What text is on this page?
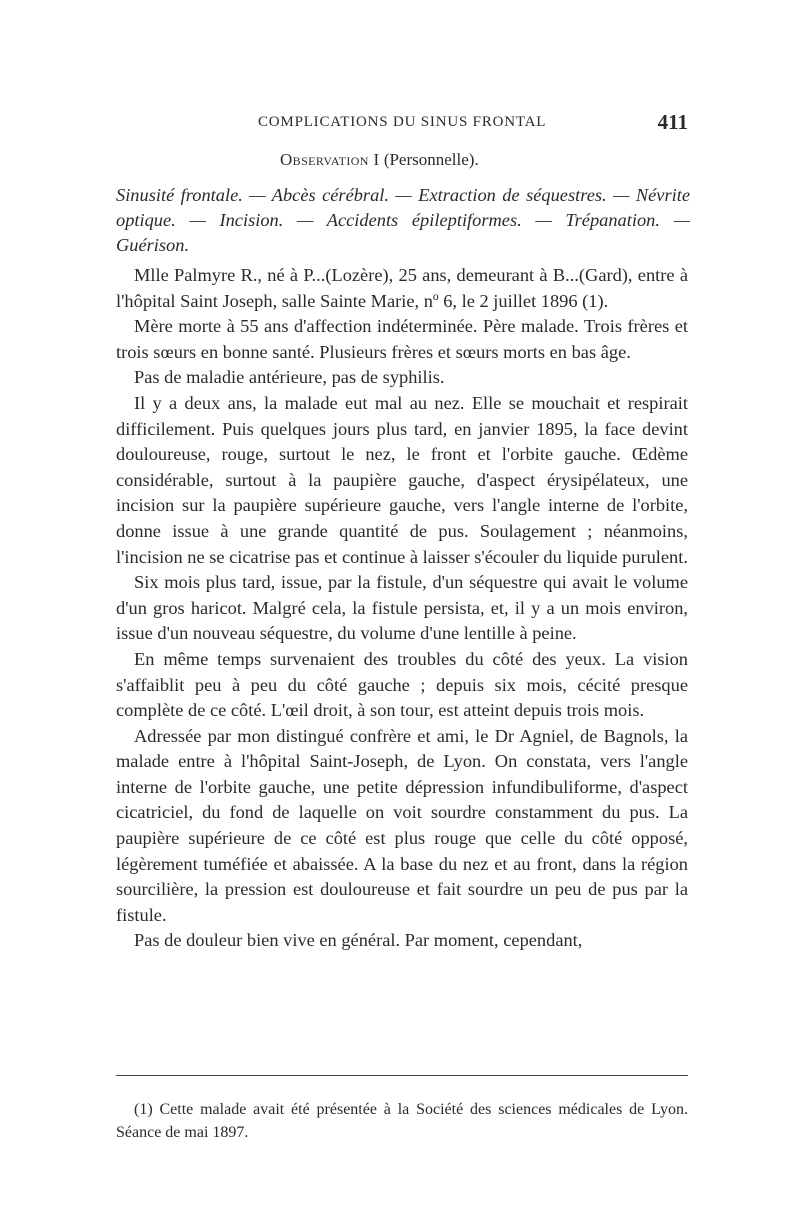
COMPLICATIONS DU SINUS FRONTAL	411
Observation I (Personnelle).
Sinusité frontale. — Abcès cérébral. — Extraction de séquestres. — Névrite optique. — Incision. — Accidents épileptiformes. — Trépanation. — Guérison.

Mlle Palmyre R., né à P...(Lozère), 25 ans, demeurant à B...(Gard), entre à l'hôpital Saint Joseph, salle Sainte Marie, nº 6, le 2 juillet 1896 (1).

Mère morte à 55 ans d'affection indéterminée. Père malade. Trois frères et trois sœurs en bonne santé. Plusieurs frères et sœurs morts en bas âge.

Pas de maladie antérieure, pas de syphilis.

Il y a deux ans, la malade eut mal au nez. Elle se mouchait et respirait difficilement. Puis quelques jours plus tard, en janvier 1895, la face devint douloureuse, rouge, surtout le nez, le front et l'orbite gauche. Œdème considérable, surtout à la paupière gauche, d'aspect érysipélateux, une incision sur la paupière supérieure gauche, vers l'angle interne de l'orbite, donne issue à une grande quantité de pus. Soulagement ; néanmoins, l'incision ne se cicatrise pas et continue à laisser s'écouler du liquide purulent.

Six mois plus tard, issue, par la fistule, d'un séquestre qui avait le volume d'un gros haricot. Malgré cela, la fistule persista, et, il y a un mois environ, issue d'un nouveau séquestre, du volume d'une lentille à peine.

En même temps survenaient des troubles du côté des yeux. La vision s'affaiblit peu à peu du côté gauche ; depuis six mois, cécité presque complète de ce côté. L'œil droit, à son tour, est atteint depuis trois mois.

Adressée par mon distingué confrère et ami, le Dr Agniel, de Bagnols, la malade entre à l'hôpital Saint-Joseph, de Lyon. On constata, vers l'angle interne de l'orbite gauche, une petite dépression infundibuliforme, d'aspect cicatriciel, du fond de laquelle on voit sourdre constamment du pus. La paupière supérieure de ce côté est plus rouge que celle du côté opposé, légèrement tuméfiée et abaissée. A la base du nez et au front, dans la région sourcilière, la pression est douloureuse et fait sourdre un peu de pus par la fistule.

Pas de douleur bien vive en général. Par moment, cependant,

(1) Cette malade avait été présentée à la Société des sciences médicales de Lyon. Séance de mai 1897.
